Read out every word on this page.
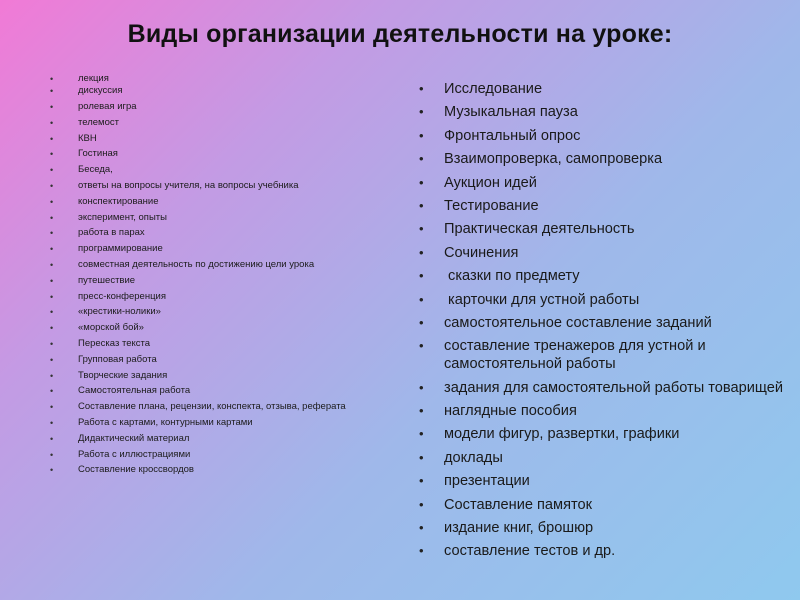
Виды организации деятельности на уроке:
• лекция
• дискуссия
• ролевая игра
• телемост
• КВН
• Гостиная
• Беседа,
• ответы на вопросы учителя, на вопросы учебника
• конспектирование
• эксперимент, опыты
• работа в парах
• программирование
• совместная деятельность по достижению цели урока
• путешествие
• пресс-конференция
• «крестики-нолики»
• «морской бой»
• Пересказ текста
• Групповая работа
• Творческие задания
• Самостоятельная работа
• Составление плана, рецензии, конспекта, отзыва, реферата
• Работа с картами, контурными картами
• Дидактический материал
• Работа с иллюстрациями
• Составление кроссвордов
• Исследование
• Музыкальная пауза
• Фронтальный опрос
• Взаимопроверка, самопроверка
• Аукцион идей
• Тестирование
• Практическая деятельность
• Сочинения
•  сказки по предмету
•  карточки для устной работы
• самостоятельное составление заданий
• составление тренажеров для устной и самостоятельной работы
• задания для самостоятельной работы товарищей
• наглядные пособия
• модели фигур, развертки, графики
• доклады
• презентации
• Составление памяток
• издание книг, брошюр
• составление тестов и др.
